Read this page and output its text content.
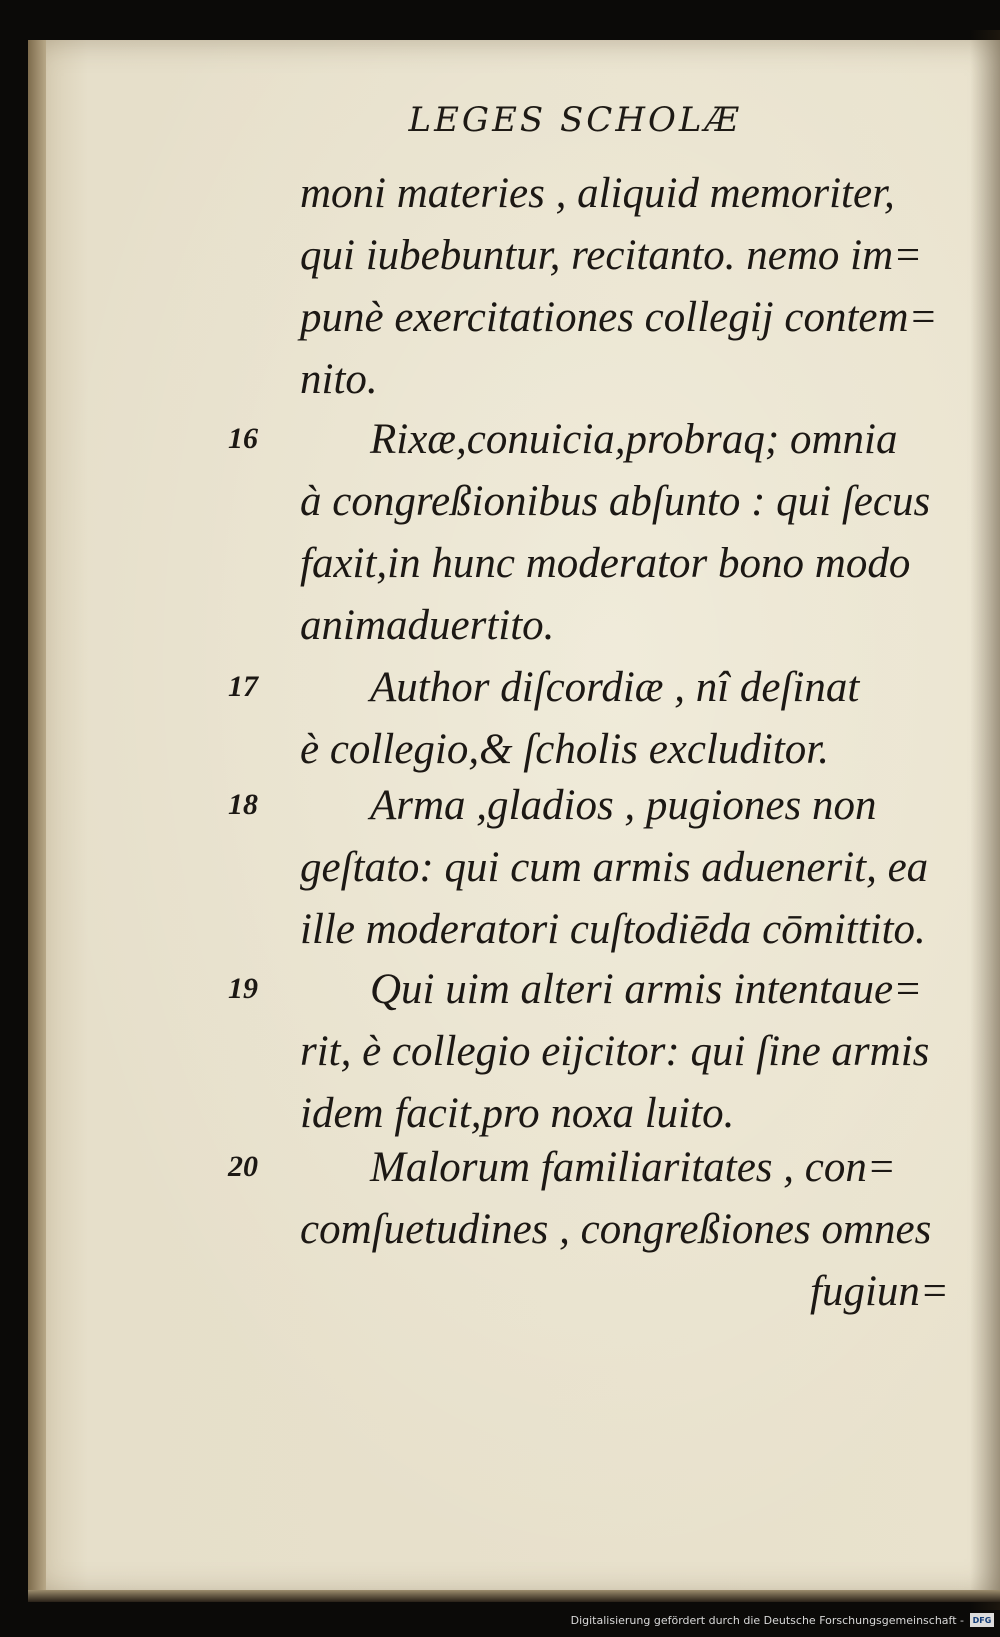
LEGES SCHOLÆ
moni materies , aliquid memoriter,
qui iubebuntur, recitanto. nemo im=
punè exercitationes collegij contem=
nito.
16	Rixæ,conuicia,probraq; omnia
à congreßionibus abſunto : qui ſecus
faxit,in hunc moderator bono modo
animaduertito.
17	Author diſcordiæ , nî deſinat
è collegio,& ſcholis excluditor.
18	Arma ,gladios , pugiones non
geſtato: qui cum armis aduenerit, ea
ille moderatori cuſtodiēda cōmittito.
19	Qui uim alteri armis intentaue=
rit, è collegio eijcitor: qui ſine armis
idem facit,pro noxa luito.
20	Malorum familiaritates , con=
comſuetudines , congreßiones omnes
fugiun=
Digitalisierung gefördert durch die Deutsche Forschungsgemeinschaft -	DFG
